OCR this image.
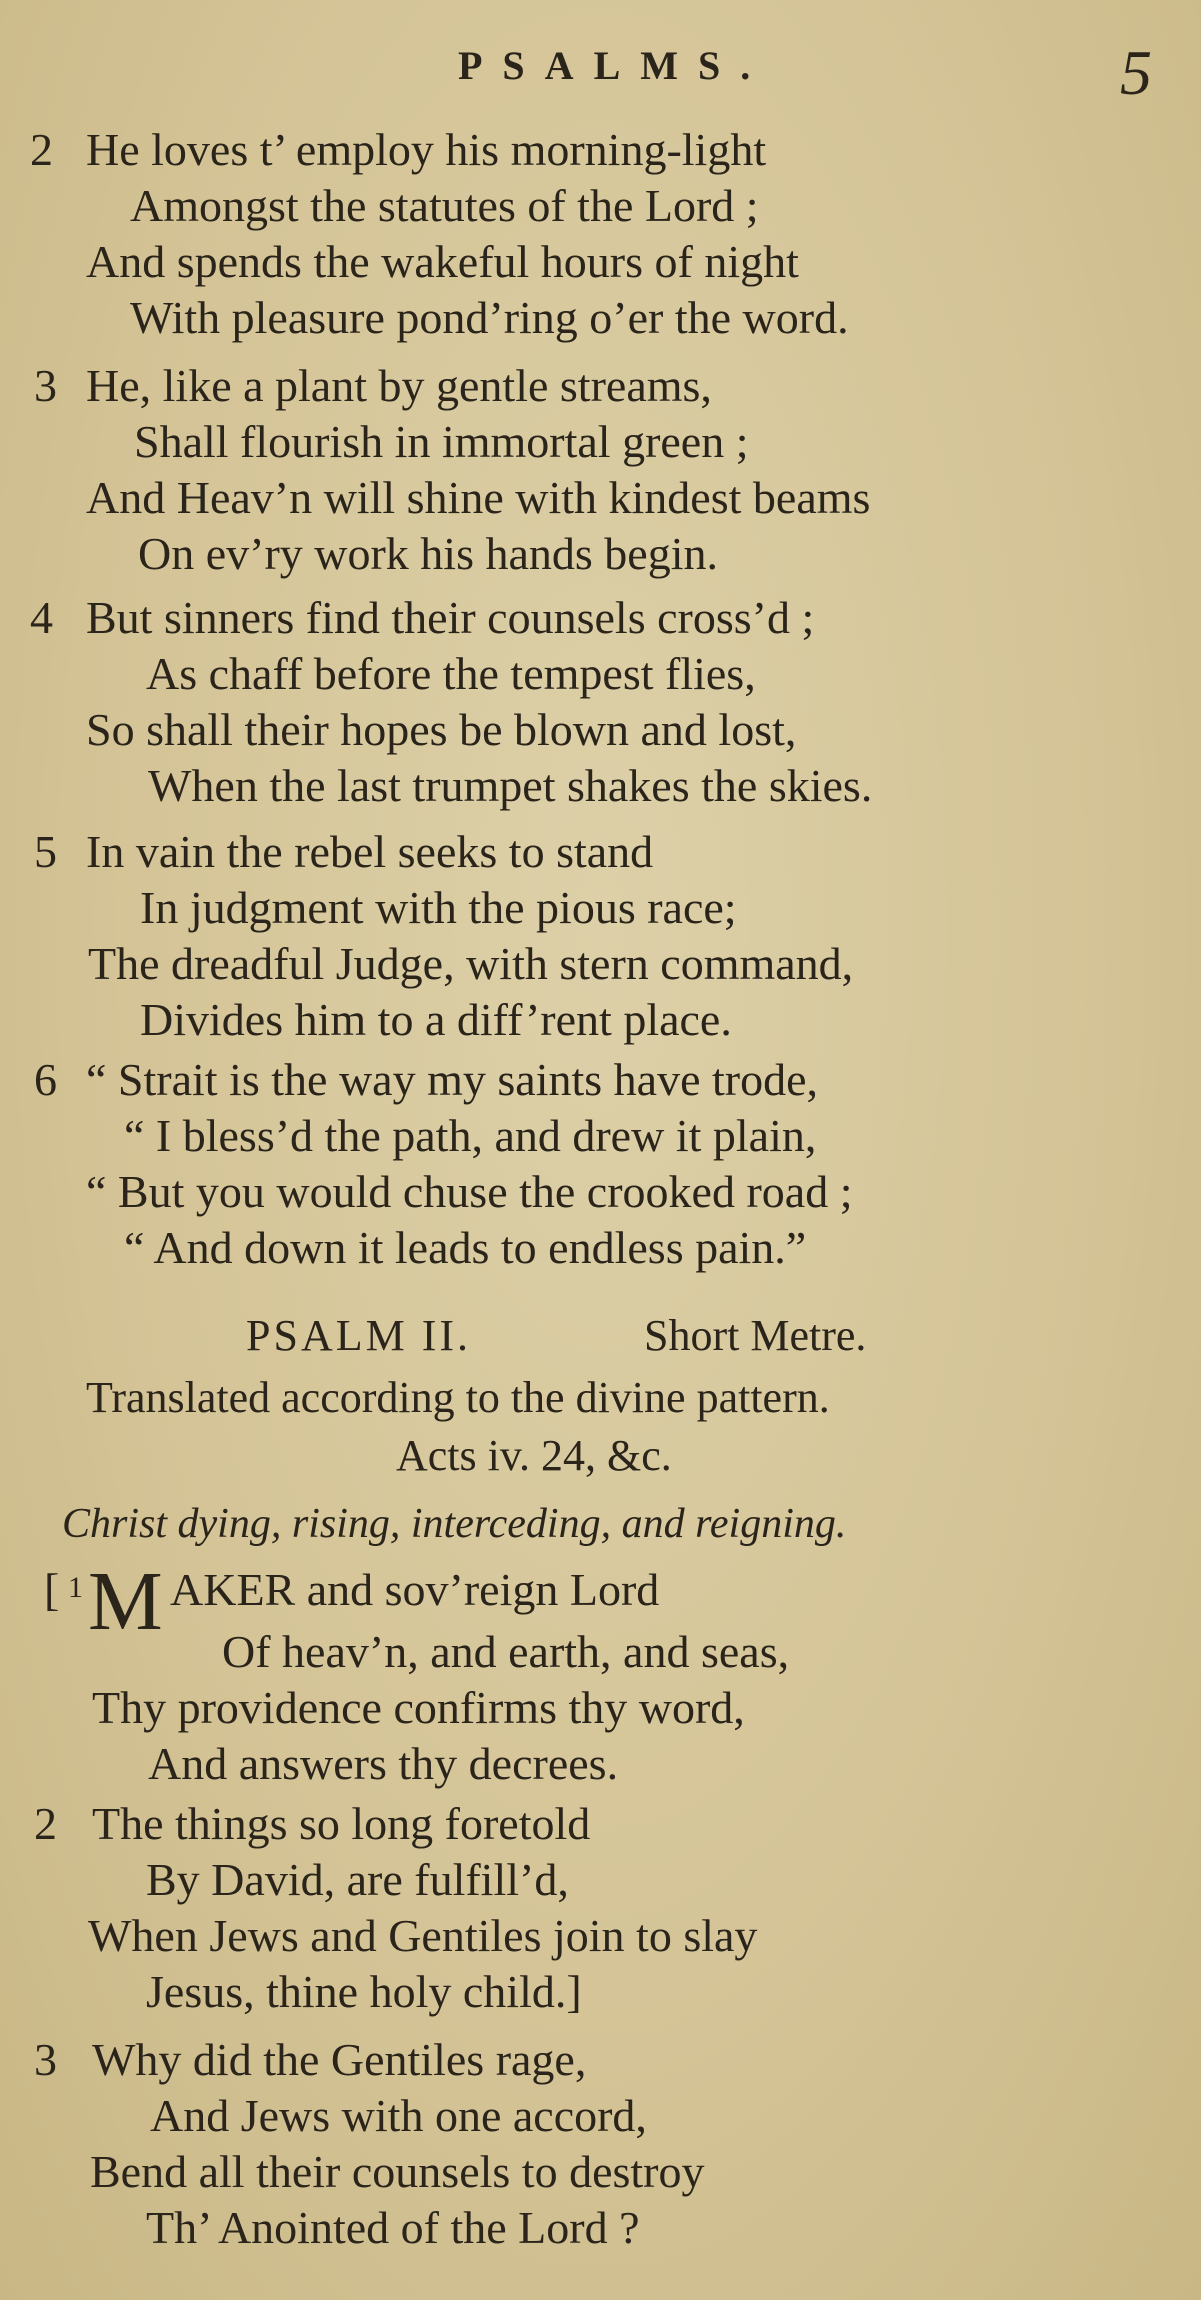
PSALMS.	5
2 He loves t’ employ his morning-light
Amongst the statutes of the Lord ;
And spends the wakeful hours of night
With pleasure pond’ring o’er the word.
3 He, like a plant by gentle streams,
Shall flourish in immortal green ;
And Heav’n will shine with kindest beams
On ev’ry work his hands begin.
4 But sinners find their counsels cross’d ;
As chaff before the tempest flies,
So shall their hopes be blown and lost,
When the last trumpet shakes the skies.
5 In vain the rebel seeks to stand
In judgment with the pious race;
The dreadful Judge, with stern command,
Divides him to a diff’rent place.
6 “ Strait is the way my saints have trode,
“ I bless’d the path, and drew it plain,
“ But you would chuse the crooked road ;
“ And down it leads to endless pain.”
PSALM II.	Short Metre.
Translated according to the divine pattern.
Acts iv. 24, &c.
Christ dying, rising, interceding, and reigning.
[ 1 M AKER and sov’reign Lord
Of heav’n, and earth, and seas,
Thy providence confirms thy word,
And answers thy decrees.
2 The things so long foretold
By David, are fulfill’d,
When Jews and Gentiles join to slay
Jesus, thine holy child.]
3 Why did the Gentiles rage,
And Jews with one accord,
Bend all their counsels to destroy
Th’ Anointed of the Lord ?
